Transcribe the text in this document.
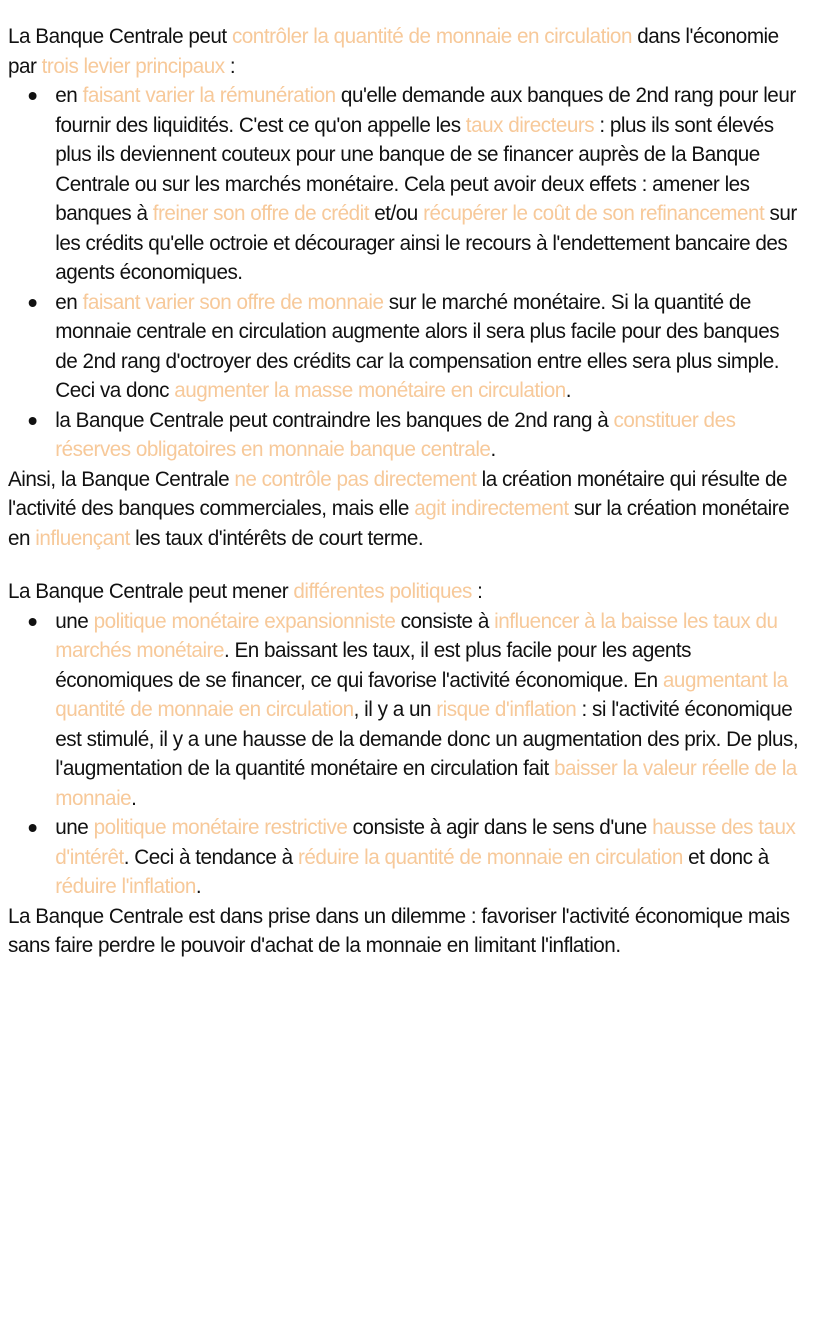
La Banque Centrale peut contrôler la quantité de monnaie en circulation dans l'économie par trois levier principaux :

en faisant varier la rémunération qu'elle demande aux banques de 2nd rang pour leur fournir des liquidités. C'est ce qu'on appelle les taux directeurs : plus ils sont élevés plus ils deviennent couteux pour une banque de se financer auprès de la Banque Centrale ou sur les marchés monétaire. Cela peut avoir deux effets : amener les banques à freiner son offre de crédit et/ou récupérer le coût de son refinancement sur les crédits qu'elle octroie et décourager ainsi le recours à l'endettement bancaire des agents économiques.
en faisant varier son offre de monnaie sur le marché monétaire. Si la quantité de monnaie centrale en circulation augmente alors il sera plus facile pour des banques de 2nd rang d'octroyer des crédits car la compensation entre elles sera plus simple. Ceci va donc augmenter la masse monétaire en circulation.
la Banque Centrale peut contraindre les banques de 2nd rang à constituer des réserves obligatoires en monnaie banque centrale.

Ainsi, la Banque Centrale ne contrôle pas directement la création monétaire qui résulte de l'activité des banques commerciales, mais elle agit indirectement sur la création monétaire en influençant les taux d'intérêts de court terme.

La Banque Centrale peut mener différentes politiques :

une politique monétaire expansionniste consiste à influencer à la baisse les taux du marchés monétaire. En baissant les taux, il est plus facile pour les agents économiques de se financer, ce qui favorise l'activité économique. En augmentant la quantité de monnaie en circulation, il y a un risque d'inflation : si l'activité économique est stimulé, il y a une hausse de la demande donc un augmentation des prix. De plus, l'augmentation de la quantité monétaire en circulation fait baisser la valeur réelle de la monnaie.
une politique monétaire restrictive consiste à agir dans le sens d'une hausse des taux d'intérêt. Ceci à tendance à réduire la quantité de monnaie en circulation et donc à réduire l'inflation.

La Banque Centrale est dans prise dans un dilemme : favoriser l'activité économique mais sans faire perdre le pouvoir d'achat de la monnaie en limitant l'inflation.
